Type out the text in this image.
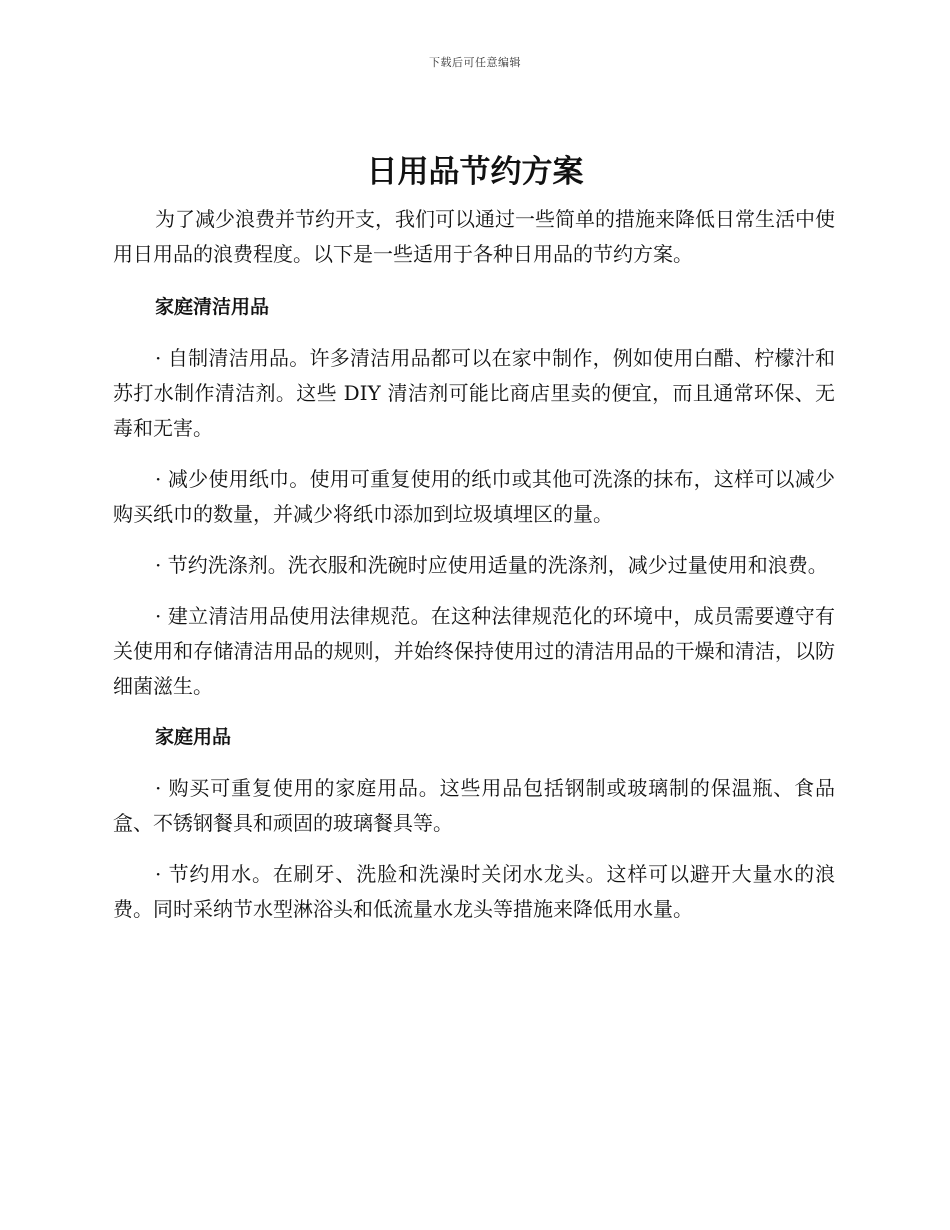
下载后可任意编辑
日用品节约方案

为了减少浪费并节约开支，我们可以通过一些简单的措施来降低日常生活中使用日用品的浪费程度。以下是一些适用于各种日用品的节约方案。

家庭清洁用品

· 自制清洁用品。许多清洁用品都可以在家中制作，例如使用白醋、柠檬汁和苏打水制作清洁剂。这些 DIY 清洁剂可能比商店里卖的便宜，而且通常环保、无毒和无害。

· 减少使用纸巾。使用可重复使用的纸巾或其他可洗涤的抹布，这样可以减少购买纸巾的数量，并减少将纸巾添加到垃圾填埋区的量。

· 节约洗涤剂。洗衣服和洗碗时应使用适量的洗涤剂，减少过量使用和浪费。

· 建立清洁用品使用法律规范。在这种法律规范化的环境中，成员需要遵守有关使用和存储清洁用品的规则，并始终保持使用过的清洁用品的干燥和清洁，以防细菌滋生。

家庭用品

· 购买可重复使用的家庭用品。这些用品包括钢制或玻璃制的保温瓶、食品盒、不锈钢餐具和顽固的玻璃餐具等。

· 节约用水。在刷牙、洗脸和洗澡时关闭水龙头。这样可以避开大量水的浪费。同时采纳节水型淋浴头和低流量水龙头等措施来降低用水量。
